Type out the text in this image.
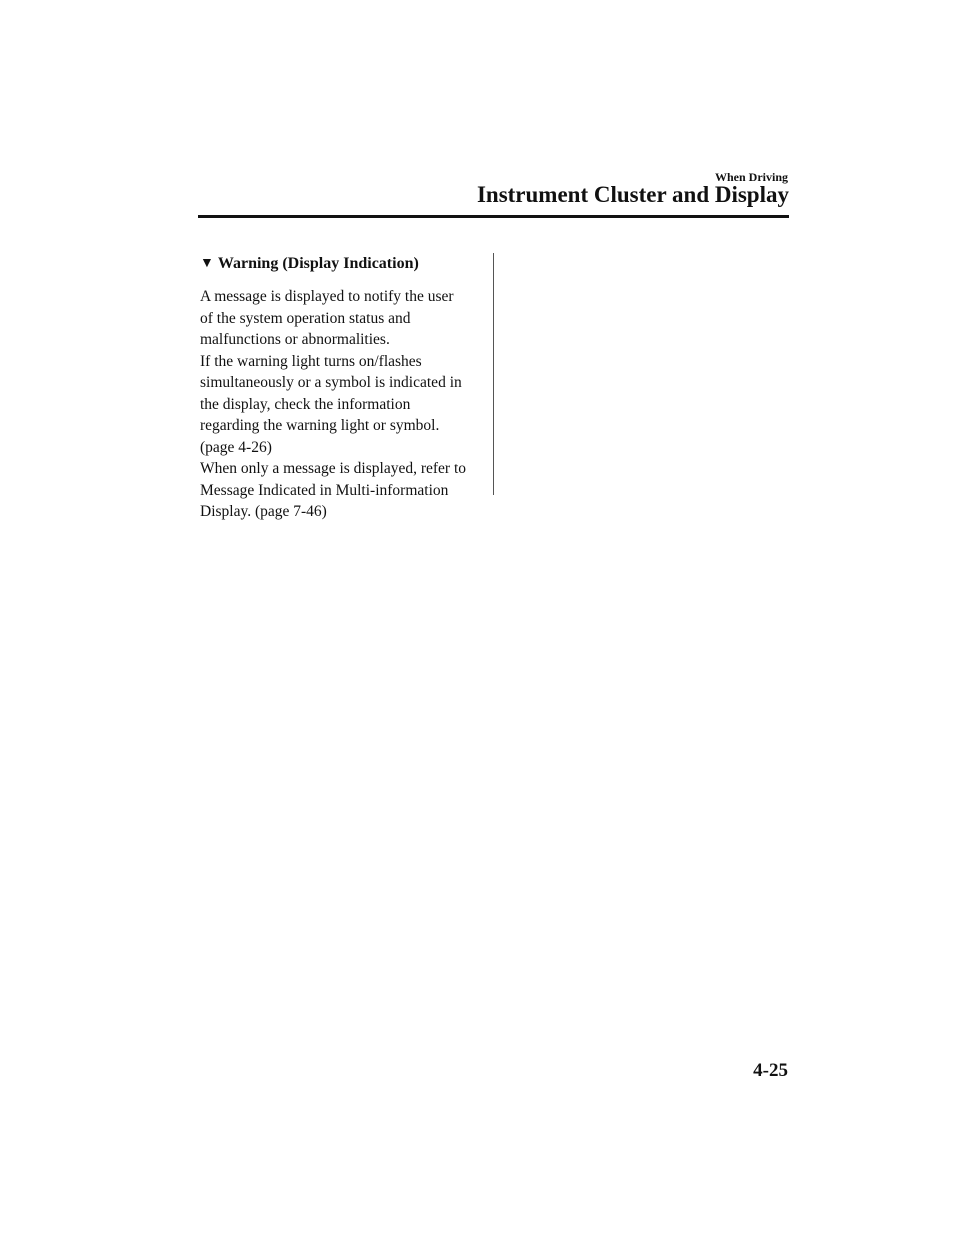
When Driving
Instrument Cluster and Display
▼ Warning (Display Indication)
A message is displayed to notify the user
of the system operation status and
malfunctions or abnormalities.
If the warning light turns on/flashes
simultaneously or a symbol is indicated in
the display, check the information
regarding the warning light or symbol.
(page 4-26)
When only a message is displayed, refer to
Message Indicated in Multi-information
Display. (page 7-46)
4-25
